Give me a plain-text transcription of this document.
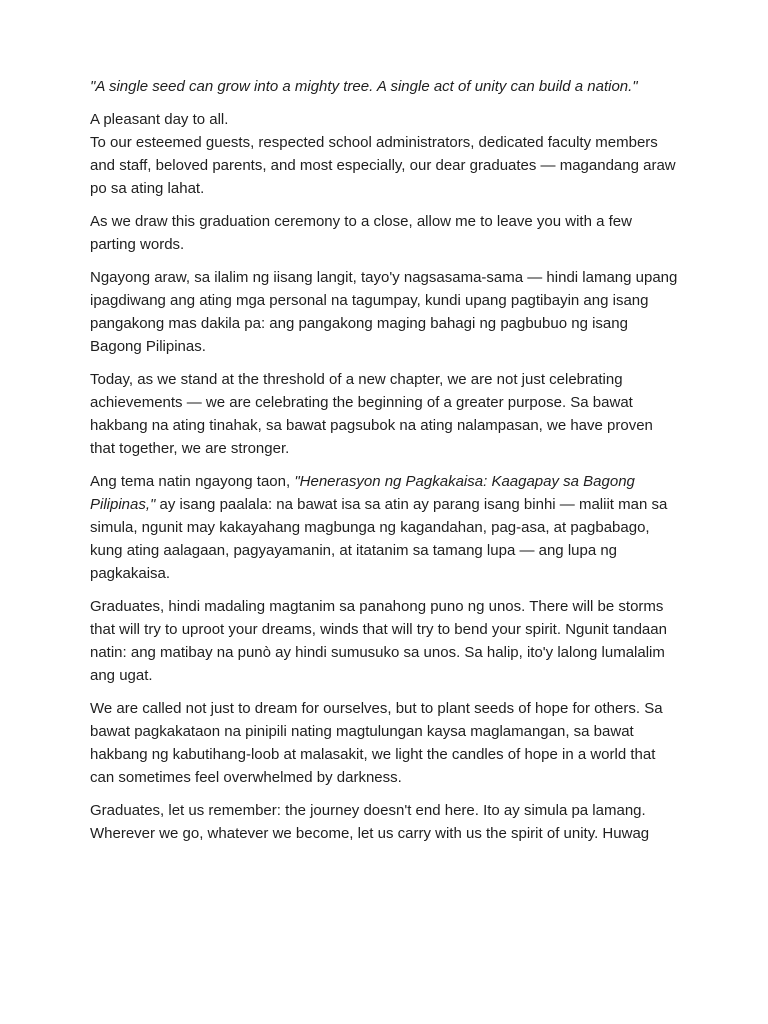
"A single seed can grow into a mighty tree. A single act of unity can build a nation."

A pleasant day to all.
To our esteemed guests, respected school administrators, dedicated faculty members and staff, beloved parents, and most especially, our dear graduates — magandang araw po sa ating lahat.

As we draw this graduation ceremony to a close, allow me to leave you with a few parting words.

Ngayong araw, sa ilalim ng iisang langit, tayo'y nagsasama-sama — hindi lamang upang ipagdiwang ang ating mga personal na tagumpay, kundi upang pagtibayin ang isang pangakong mas dakila pa: ang pangakong maging bahagi ng pagbubuo ng isang Bagong Pilipinas.

Today, as we stand at the threshold of a new chapter, we are not just celebrating achievements — we are celebrating the beginning of a greater purpose. Sa bawat hakbang na ating tinahak, sa bawat pagsubok na ating nalampasan, we have proven that together, we are stronger.

Ang tema natin ngayong taon, "Henerasyon ng Pagkakaisa: Kaagapay sa Bagong Pilipinas," ay isang paalala: na bawat isa sa atin ay parang isang binhi — maliit man sa simula, ngunit may kakayahang magbunga ng kagandahan, pag-asa, at pagbabago, kung ating aalagaan, pagyayamanin, at itatanim sa tamang lupa — ang lupa ng pagkakaisa.

Graduates, hindi madaling magtanim sa panahong puno ng unos. There will be storms that will try to uproot your dreams, winds that will try to bend your spirit. Ngunit tandaan natin: ang matibay na punò ay hindi sumusuko sa unos. Sa halip, ito'y lalong lumalalim ang ugat.

We are called not just to dream for ourselves, but to plant seeds of hope for others. Sa bawat pagkakataon na pinipili nating magtulungan kaysa maglamangan, sa bawat hakbang ng kabutihang-loob at malasakit, we light the candles of hope in a world that can sometimes feel overwhelmed by darkness.

Graduates, let us remember: the journey doesn't end here. Ito ay simula pa lamang. Wherever we go, whatever we become, let us carry with us the spirit of unity. Huwag
